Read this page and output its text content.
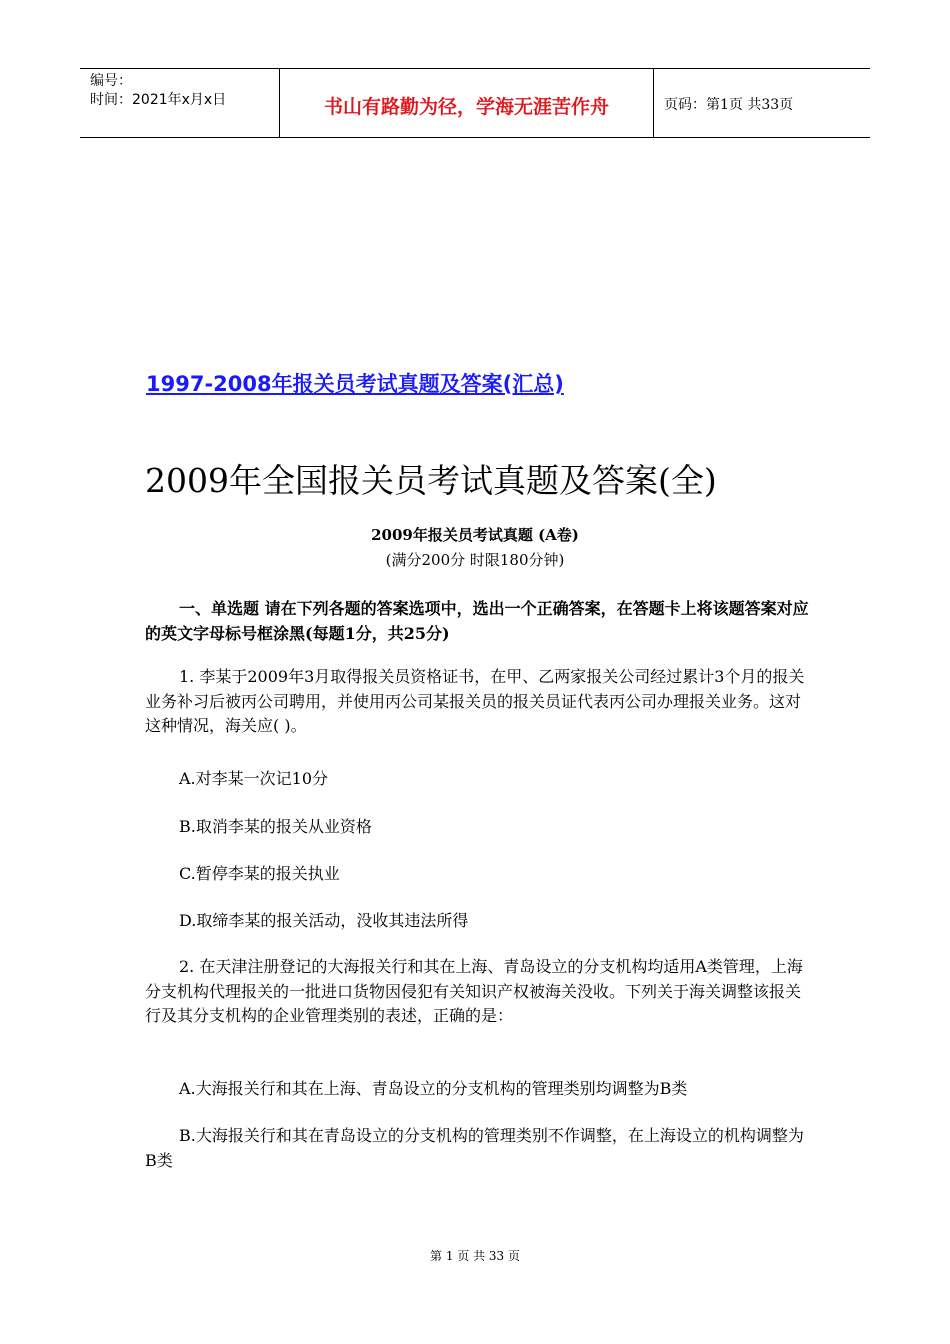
编号：
时间：2021年x月x日	书山有路勤为径，学海无涯苦作舟	页码：第1页 共33页
1997-2008年报关员考试真题及答案(汇总)
2009年全国报关员考试真题及答案(全)
2009年报关员考试真题 (A卷)
(满分200分 时限180分钟)
一、单选题 请在下列各题的答案选项中，选出一个正确答案，在答题卡上将该题答案对应的英文字母标号框涂黑(每题1分，共25分)
1. 李某于2009年3月取得报关员资格证书，在甲、乙两家报关公司经过累计3个月的报关业务补习后被丙公司聘用，并使用丙公司某报关员的报关员证代表丙公司办理报关业务。这对这种情况，海关应( )。
A.对李某一次记10分
B.取消李某的报关从业资格
C.暂停李某的报关执业
D.取缔李某的报关活动，没收其违法所得
2. 在天津注册登记的大海报关行和其在上海、青岛设立的分支机构均适用A类管理，上海分支机构代理报关的一批进口货物因侵犯有关知识产权被海关没收。下列关于海关调整该报关行及其分支机构的企业管理类别的表述，正确的是：
A.大海报关行和其在上海、青岛设立的分支机构的管理类别均调整为B类
B.大海报关行和其在青岛设立的分支机构的管理类别不作调整，在上海设立的机构调整为B类
第 1 页 共 33 页
